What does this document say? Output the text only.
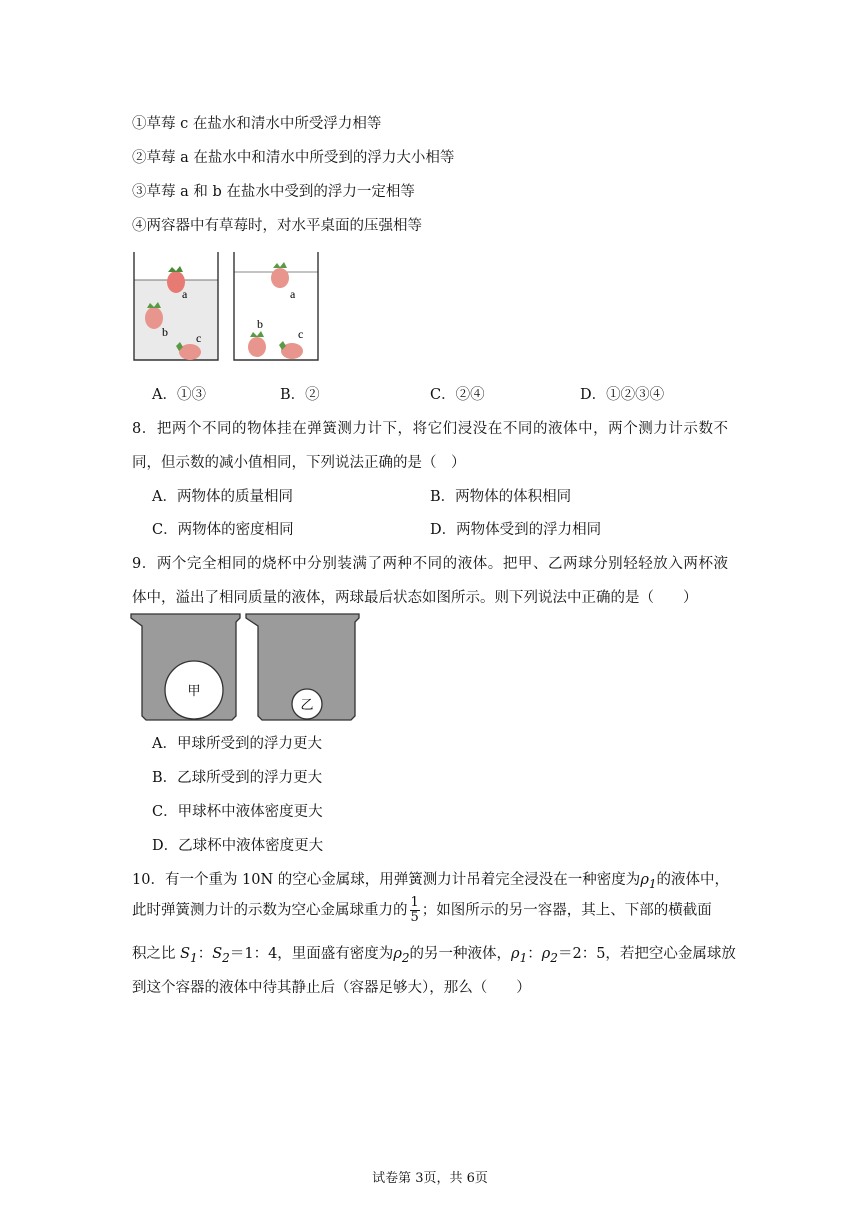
①草莓 c 在盐水和清水中所受浮力相等
②草莓 a 在盐水中和清水中所受到的浮力大小相等
③草莓 a 和 b 在盐水中受到的浮力一定相等
④两容器中有草莓时，对水平桌面的压强相等
a
b c
a
b
c
A．①③	B．②	C．②④	D．①②③④
8．把两个不同的物体挂在弹簧测力计下，将它们浸没在不同的液体中，两个测力计示数不
同，但示数的减小值相同，下列说法正确的是（　）
A．两物体的质量相同	B．两物体的体积相同
C．两物体的密度相同	D．两物体受到的浮力相同
9．两个完全相同的烧杯中分别装满了两种不同的液体。把甲、乙两球分别轻轻放入两杯液
体中，溢出了相同质量的液体，两球最后状态如图所示。则下列说法中正确的是（　　）
甲
乙
A．甲球所受到的浮力更大
B．乙球所受到的浮力更大
C．甲球杯中液体密度更大
D．乙球杯中液体密度更大
10．有一个重为 10N 的空心金属球，用弹簧测力计吊着完全浸没在一种密度为$\rho_1$的液体中，
此时弹簧测力计的示数为空心金属球重力的 $\frac{1}{5}$ ；如图所示的另一容器，其上、下部的横截面
积之比 $S_1$：$S_2=1$：4，里面盛有密度为$\rho_2$的另一种液体，$\rho_1$：$\rho_2=2$：5，若把空心金属球放
到这个容器的液体中待其静止后（容器足够大），那么（　　）
试卷第 3页，共 6页
